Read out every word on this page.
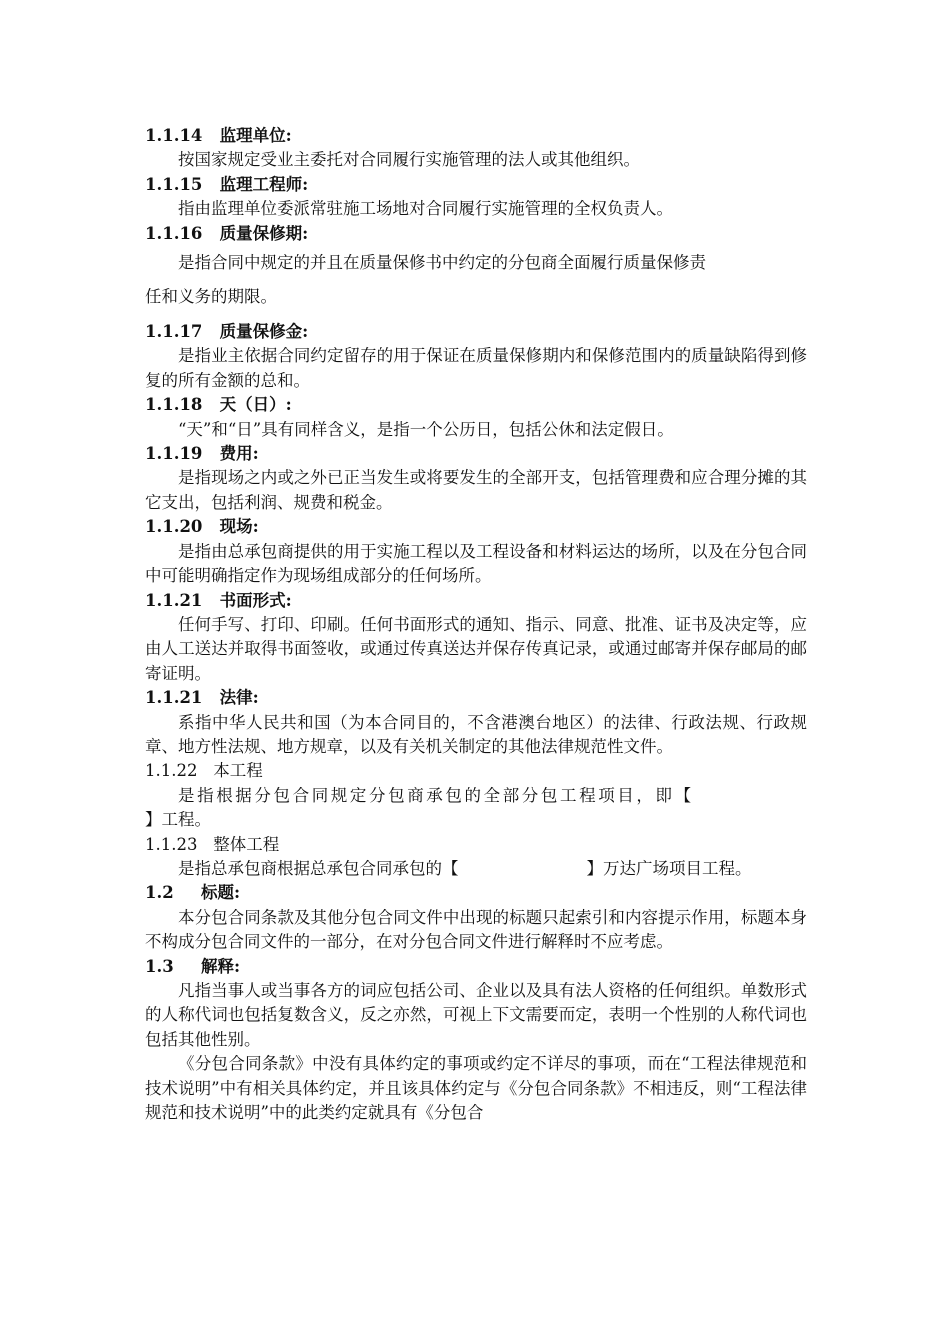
1.1.14 监理单位:

按国家规定受业主委托对合同履行实施管理的法人或其他组织。

1.1.15 监理工程师:

指由监理单位委派常驻施工场地对合同履行实施管理的全权负责人。

1.1.16 质量保修期:

是指合同中规定的并且在质量保修书中约定的分包商全面履行质量保修责

任和义务的期限。

1.1.17 质量保修金:

是指业主依据合同约定留存的用于保证在质量保修期内和保修范围内的质量缺陷得到修复的所有金额的总和。

1.1.18 天（日）:

“天”和“日”具有同样含义，是指一个公历日，包括公休和法定假日。

1.1.19 费用:

是指现场之内或之外已正当发生或将要发生的全部开支，包括管理费和应合理分摊的其它支出，包括利润、规费和税金。

1.1.20 现场:

是指由总承包商提供的用于实施工程以及工程设备和材料运达的场所，以及在分包合同中可能明确指定作为现场组成部分的任何场所。

1.1.21 书面形式:

任何手写、打印、印刷。任何书面形式的通知、指示、同意、批准、证书及决定等，应由人工送达并取得书面签收，或通过传真送达并保存传真记录，或通过邮寄并保存邮局的邮寄证明。

1.1.21 法律:

系指中华人民共和国（为本合同目的，不含港澳台地区）的法律、行政法规、行政规章、地方性法规、地方规章，以及有关机关制定的其他法律规范性文件。

1.1.22 本工程

是指根据分包合同规定分包商承包的全部分包工程项目，即【

】工程。

1.1.23 整体工程

是指总承包商根据总承包合同承包的【	】万达广场项目工程。

1.2 标题:

本分包合同条款及其他分包合同文件中出现的标题只起索引和内容提示作用，标题本身不构成分包合同文件的一部分，在对分包合同文件进行解释时不应考虑。

1.3 解释:

凡指当事人或当事各方的词应包括公司、企业以及具有法人资格的任何组织。单数形式的人称代词也包括复数含义，反之亦然，可视上下文需要而定，表明一个性别的人称代词也包括其他性别。

《分包合同条款》中没有具体约定的事项或约定不详尽的事项，而在“工程法律规范和技术说明”中有相关具体约定，并且该具体约定与《分包合同条款》不相违反，则“工程法律规范和技术说明”中的此类约定就具有《分包合
